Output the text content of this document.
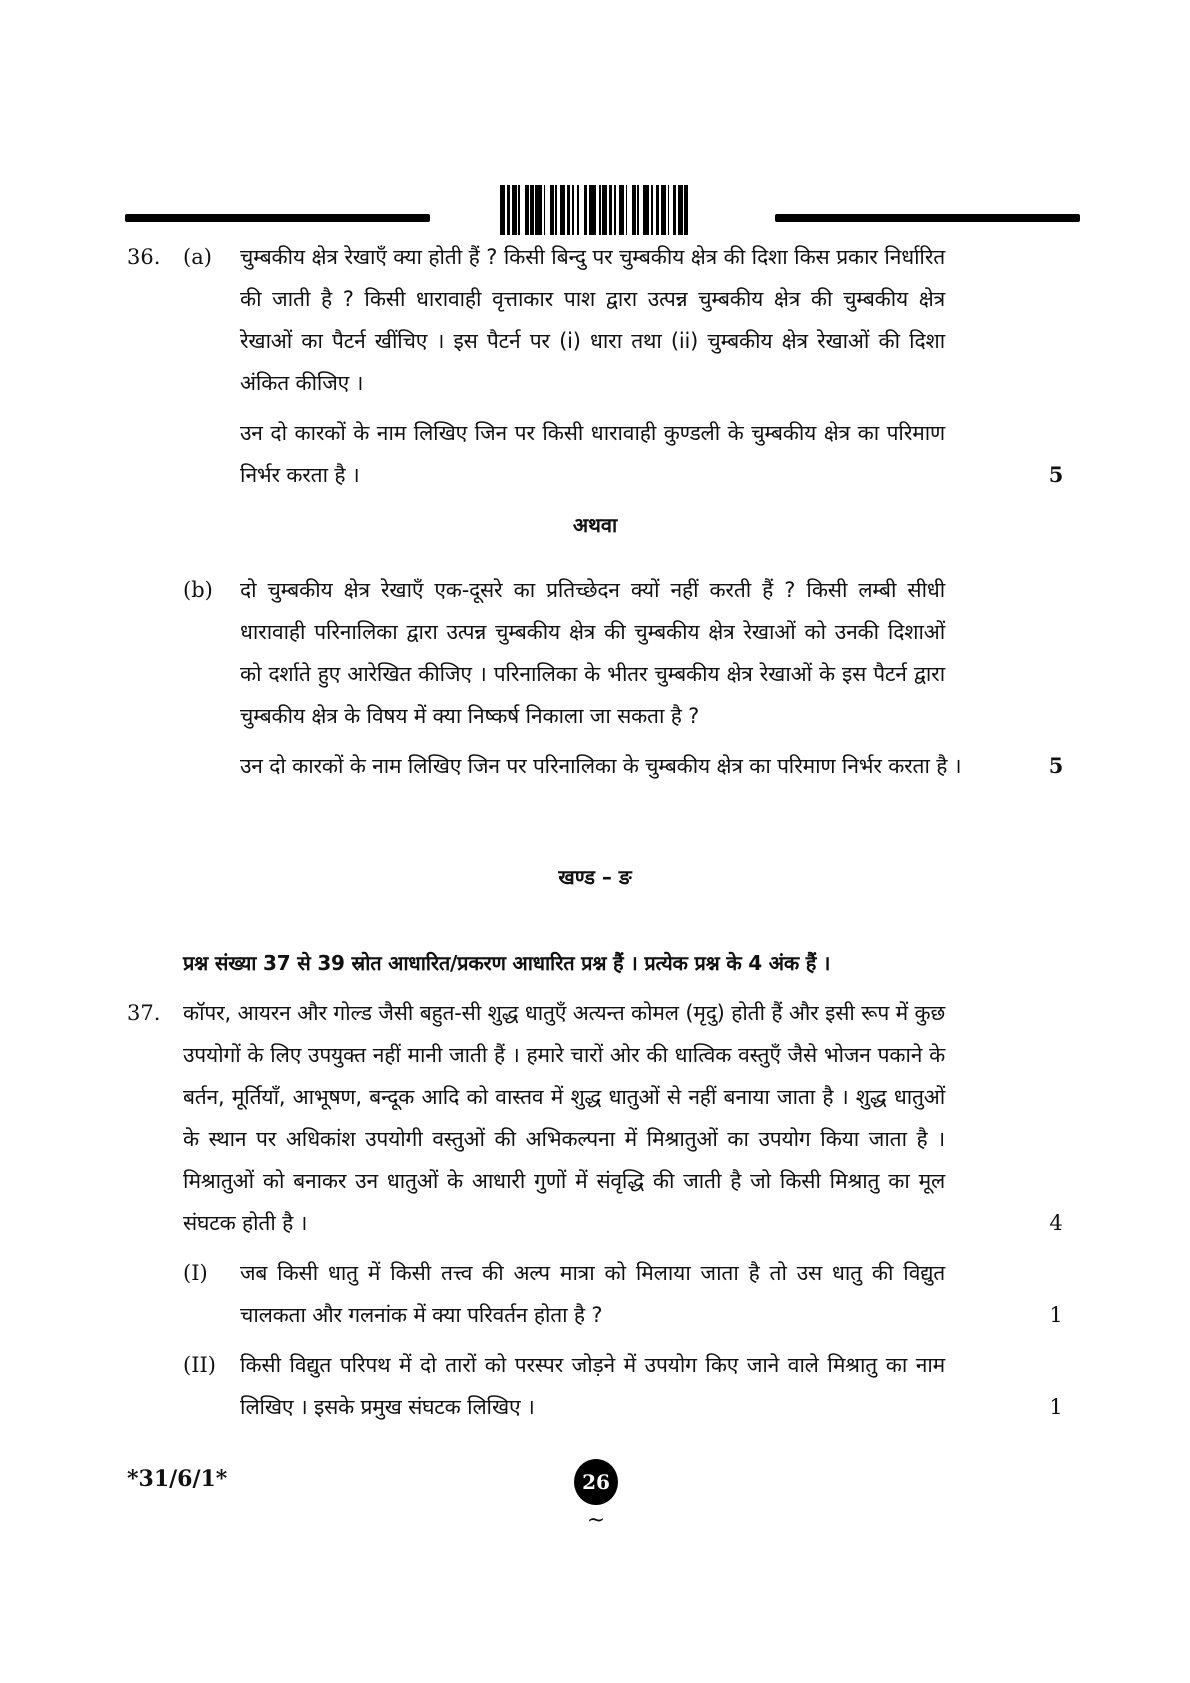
36. (a) चुम्बकीय क्षेत्र रेखाएँ क्या होती हैं ? किसी बिन्दु पर चुम्बकीय क्षेत्र की दिशा किस प्रकार निर्धारित
की जाती है ? किसी धारावाही वृत्ताकार पाश द्वारा उत्पन्न चुम्बकीय क्षेत्र की चुम्बकीय क्षेत्र
रेखाओं का पैटर्न खींचिए । इस पैटर्न पर (i) धारा तथा (ii) चुम्बकीय क्षेत्र रेखाओं की दिशा
अंकित कीजिए ।
उन दो कारकों के नाम लिखिए जिन पर किसी धारावाही कुण्डली के चुम्बकीय क्षेत्र का परिमाण
निर्भर करता है ।	5
अथवा
(b) दो चुम्बकीय क्षेत्र रेखाएँ एक-दूसरे का प्रतिच्छेदन क्यों नहीं करती हैं ? किसी लम्बी सीधी
धारावाही परिनालिका द्वारा उत्पन्न चुम्बकीय क्षेत्र की चुम्बकीय क्षेत्र रेखाओं को उनकी दिशाओं
को दर्शाते हुए आरेखित कीजिए । परिनालिका के भीतर चुम्बकीय क्षेत्र रेखाओं के इस पैटर्न द्वारा
चुम्बकीय क्षेत्र के विषय में क्या निष्कर्ष निकाला जा सकता है ?
उन दो कारकों के नाम लिखिए जिन पर परिनालिका के चुम्बकीय क्षेत्र का परिमाण निर्भर करता है ।	5
खण्ड – ङ
प्रश्न संख्या 37 से 39 स्रोत आधारित/प्रकरण आधारित प्रश्न हैं । प्रत्येक प्रश्न के 4 अंक हैं ।
37. कॉपर, आयरन और गोल्ड जैसी बहुत-सी शुद्ध धातुएँ अत्यन्त कोमल (मृदु) होती हैं और इसी रूप में कुछ
उपयोगों के लिए उपयुक्त नहीं मानी जाती हैं । हमारे चारों ओर की धात्विक वस्तुएँ जैसे भोजन पकाने के
बर्तन, मूर्तियाँ, आभूषण, बन्दूक आदि को वास्तव में शुद्ध धातुओं से नहीं बनाया जाता है । शुद्ध धातुओं
के स्थान पर अधिकांश उपयोगी वस्तुओं की अभिकल्पना में मिश्रातुओं का उपयोग किया जाता है ।
मिश्रातुओं को बनाकर उन धातुओं के आधारी गुणों में संवृद्धि की जाती है जो किसी मिश्रातु का मूल
संघटक होती है ।	4
(I) जब किसी धातु में किसी तत्त्व की अल्प मात्रा को मिलाया जाता है तो उस धातु की विद्युत
चालकता और गलनांक में क्या परिवर्तन होता है ?	1
(II) किसी विद्युत परिपथ में दो तारों को परस्पर जोड़ने में उपयोग किए जाने वाले मिश्रातु का नाम
लिखिए । इसके प्रमुख संघटक लिखिए ।	1
*31/6/1*	26
~
